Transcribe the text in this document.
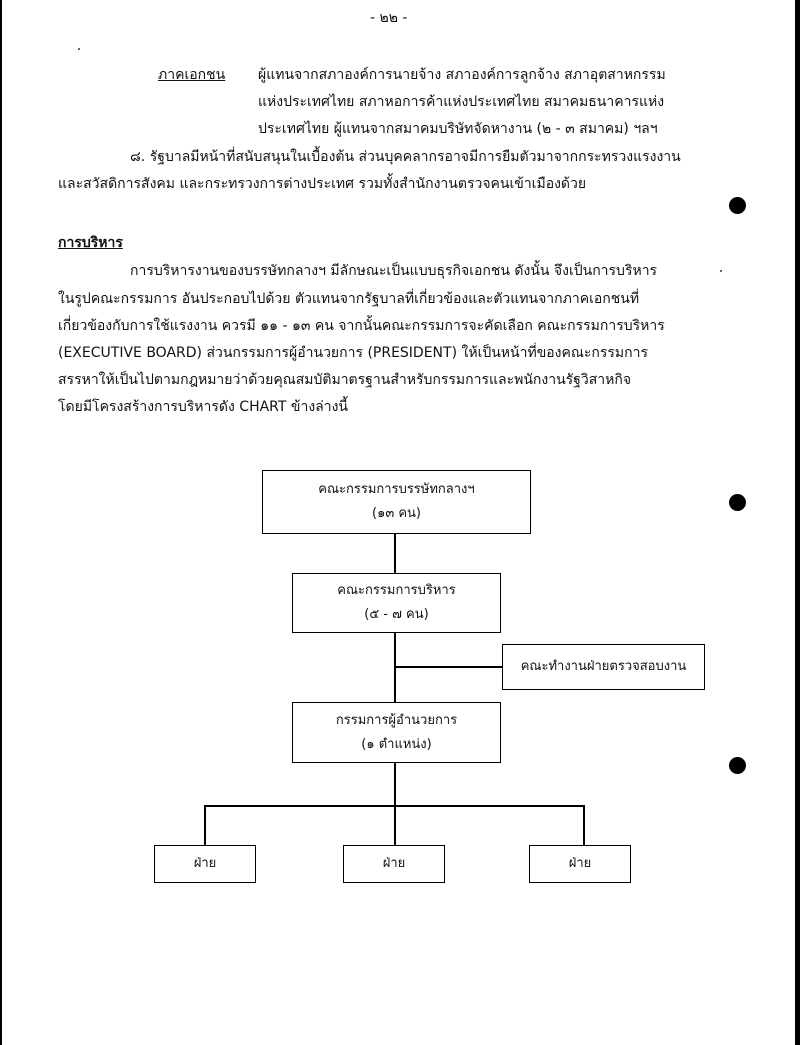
- ๒๒ -
ภาคเอกชน ผู้แทนจากสภาองค์การนายจ้าง สภาองค์การลูกจ้าง สภาอุตสาหกรรม
แห่งประเทศไทย สภาหอการค้าแห่งประเทศไทย สมาคมธนาคารแห่ง
ประเทศไทย ผู้แทนจากสมาคมบริษัทจัดหางาน (๒ - ๓ สมาคม) ฯลฯ
๘. รัฐบาลมีหน้าที่สนับสนุนในเบื้องต้น ส่วนบุคคลากรอาจมีการยืมตัวมาจากกระทรวงแรงงาน
และสวัสดิการสังคม และกระทรวงการต่างประเทศ รวมทั้งสำนักงานตรวจคนเข้าเมืองด้วย
การบริหาร
การบริหารงานของบรรษัทกลางฯ มีลักษณะเป็นแบบธุรกิจเอกชน ดังนั้น จึงเป็นการบริหาร
ในรูปคณะกรรมการ อันประกอบไปด้วย ตัวแทนจากรัฐบาลที่เกี่ยวข้องและตัวแทนจากภาคเอกชนที่
เกี่ยวข้องกับการใช้แรงงาน ควรมี ๑๑ - ๑๓ คน จากนั้นคณะกรรมการจะคัดเลือก คณะกรรมการบริหาร
(EXECUTIVE BOARD) ส่วนกรรมการผู้อำนวยการ (PRESIDENT) ให้เป็นหน้าที่ของคณะกรรมการ
สรรหาให้เป็นไปตามกฎหมายว่าด้วยคุณสมบัติมาตรฐานสำหรับกรรมการและพนักงานรัฐวิสาหกิจ
โดยมีโครงสร้างการบริหารดัง CHART ข้างล่างนี้
คณะกรรมการบรรษัทกลางฯ
(๑๓ คน)
คณะกรรมการบริหาร
(๕ - ๗ คน)
คณะทำงานฝ่ายตรวจสอบงาน
กรรมการผู้อำนวยการ
(๑ ตำแหน่ง)
ฝ่าย	ฝ่าย	ฝ่าย
